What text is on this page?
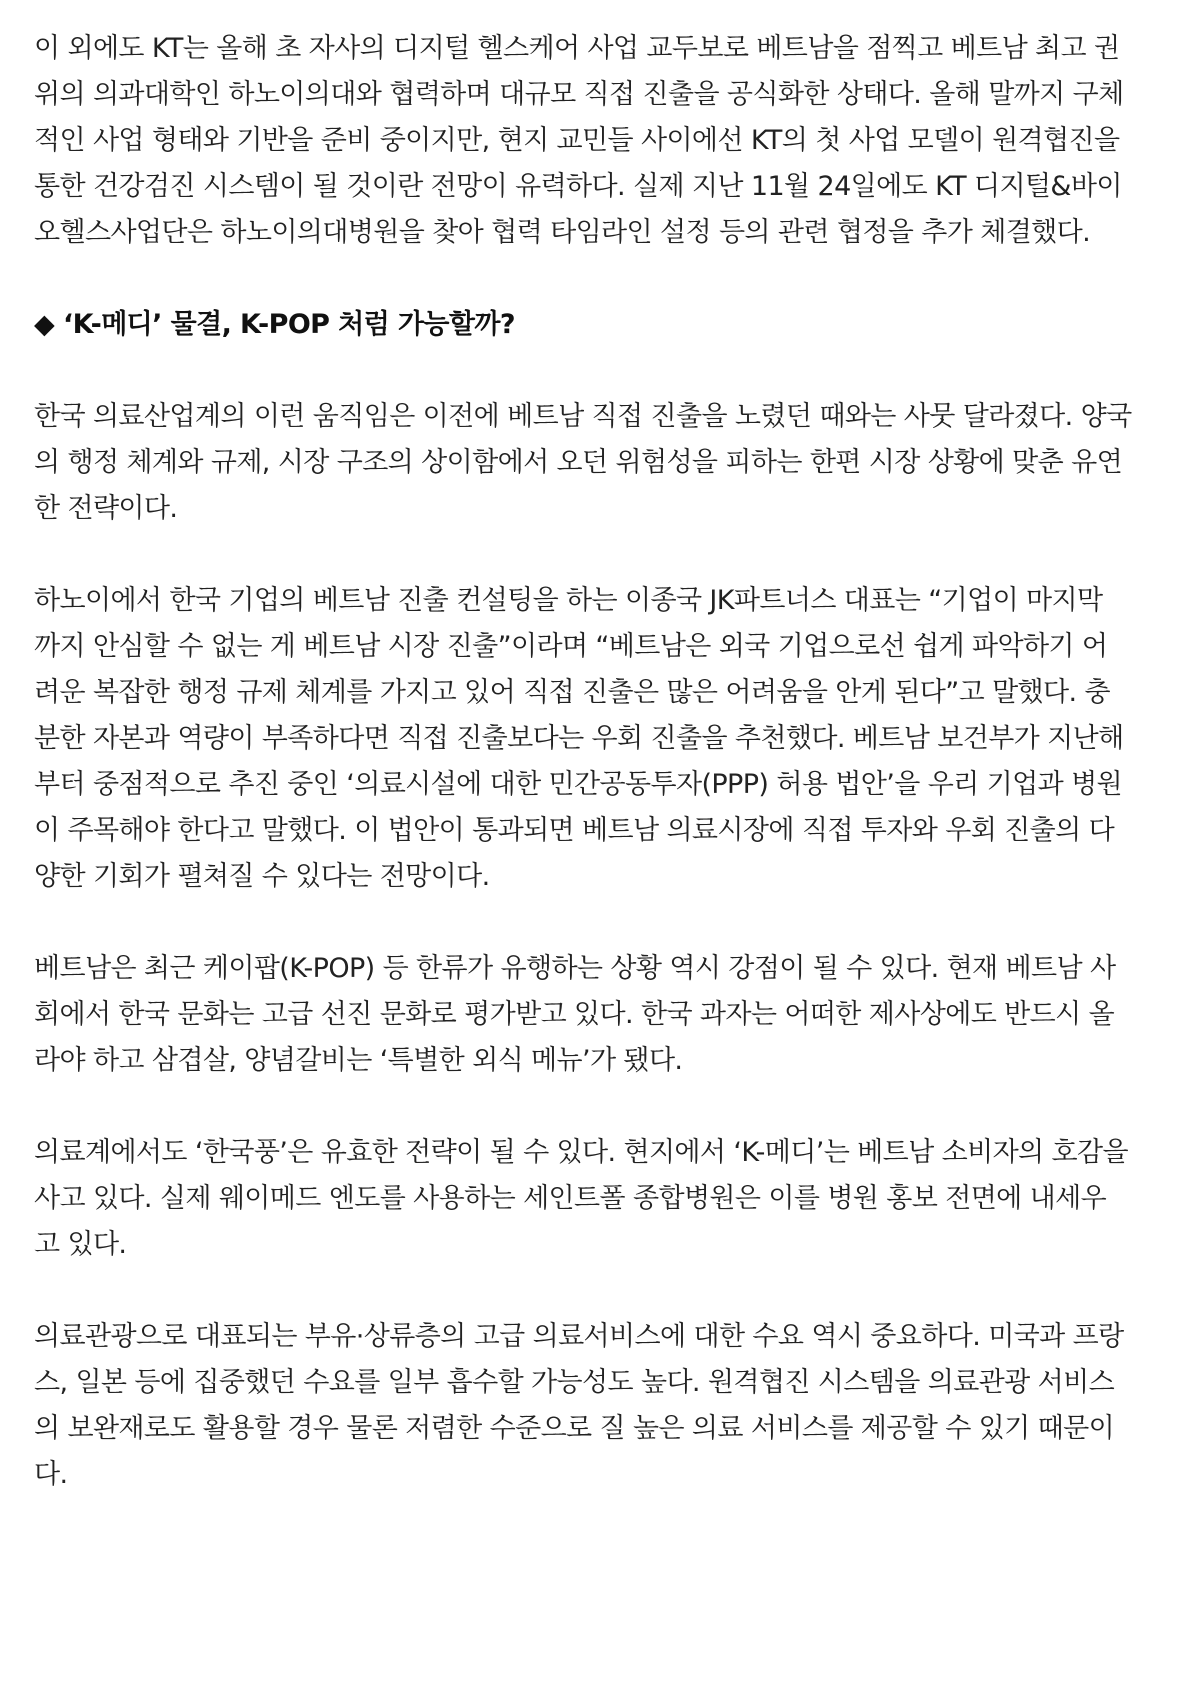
이 외에도 KT는 올해 초 자사의 디지털 헬스케어 사업 교두보로 베트남을 점찍고 베트남 최고 권
위의 의과대학인 하노이의대와 협력하며 대규모 직접 진출을 공식화한 상태다. 올해 말까지 구체
적인 사업 형태와 기반을 준비 중이지만, 현지 교민들 사이에선 KT의 첫 사업 모델이 원격협진을
통한 건강검진 시스템이 될 것이란 전망이 유력하다. 실제 지난 11월 24일에도 KT 디지털&바이
오헬스사업단은 하노이의대병원을 찾아 협력 타임라인 설정 등의 관련 협정을 추가 체결했다.

◆ ‘K-메디’ 물결, K-POP 처럼 가능할까?

한국 의료산업계의 이런 움직임은 이전에 베트남 직접 진출을 노렸던 때와는 사뭇 달라졌다. 양국
의 행정 체계와 규제, 시장 구조의 상이함에서 오던 위험성을 피하는 한편 시장 상황에 맞춘 유연
한 전략이다.

하노이에서 한국 기업의 베트남 진출 컨설팅을 하는 이종국 JK파트너스 대표는 “기업이 마지막
까지 안심할 수 없는 게 베트남 시장 진출”이라며 “베트남은 외국 기업으로선 쉽게 파악하기 어
려운 복잡한 행정 규제 체계를 가지고 있어 직접 진출은 많은 어려움을 안게 된다”고 말했다. 충
분한 자본과 역량이 부족하다면 직접 진출보다는 우회 진출을 추천했다. 베트남 보건부가 지난해
부터 중점적으로 추진 중인 ‘의료시설에 대한 민간공동투자(PPP) 허용 법안’을 우리 기업과 병원
이 주목해야 한다고 말했다. 이 법안이 통과되면 베트남 의료시장에 직접 투자와 우회 진출의 다
양한 기회가 펼쳐질 수 있다는 전망이다.

베트남은 최근 케이팝(K-POP) 등 한류가 유행하는 상황 역시 강점이 될 수 있다. 현재 베트남 사
회에서 한국 문화는 고급 선진 문화로 평가받고 있다. 한국 과자는 어떠한 제사상에도 반드시 올
라야 하고 삼겹살, 양념갈비는 ‘특별한 외식 메뉴’가 됐다.

의료계에서도 ‘한국풍’은 유효한 전략이 될 수 있다. 현지에서 ‘K-메디’는 베트남 소비자의 호감을
사고 있다. 실제 웨이메드 엔도를 사용하는 세인트폴 종합병원은 이를 병원 홍보 전면에 내세우
고 있다.

의료관광으로 대표되는 부유·상류층의 고급 의료서비스에 대한 수요 역시 중요하다. 미국과 프랑
스, 일본 등에 집중했던 수요를 일부 흡수할 가능성도 높다. 원격협진 시스템을 의료관광 서비스
의 보완재로도 활용할 경우 물론 저렴한 수준으로 질 높은 의료 서비스를 제공할 수 있기 때문이
다.
